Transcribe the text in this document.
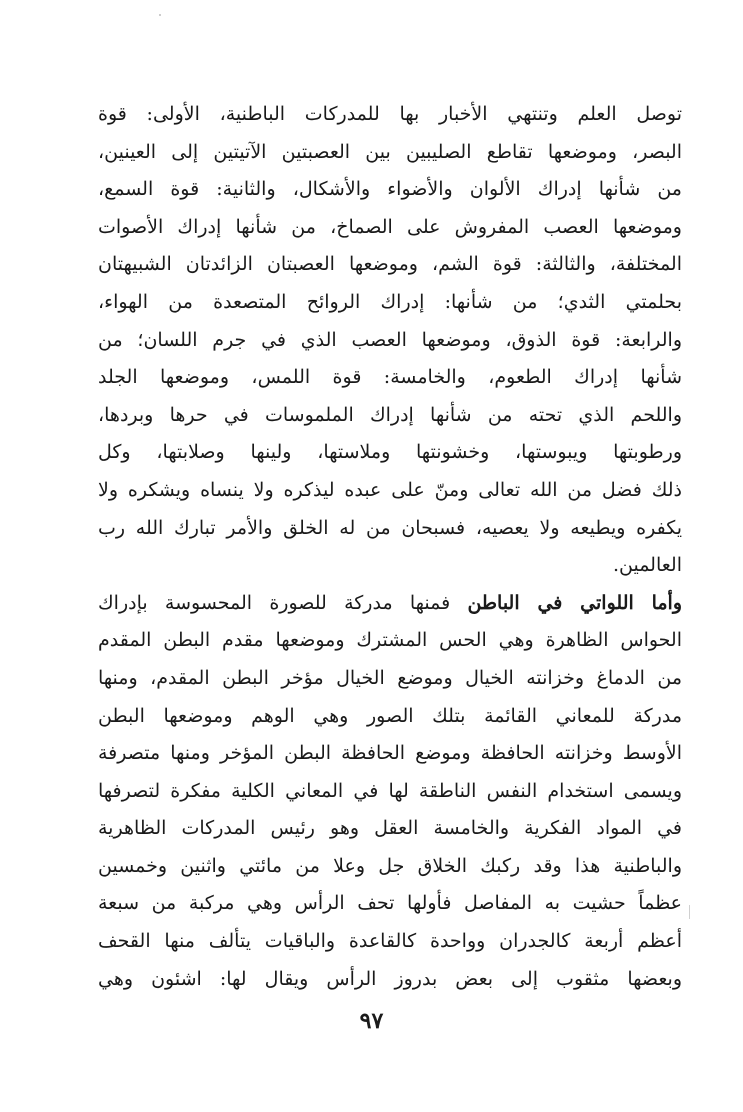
توصل العلم وتنتهي الأخبار بها للمدركات الباطنية، الأولى: قوة
البصر، وموضعها تقاطع الصليبين بين العصبتين الآتيتين إلى العينين،
من شأنها إدراك الألوان والأضواء والأشكال، والثانية: قوة السمع،
وموضعها العصب المفروش على الصماخ، من شأنها إدراك الأصوات
المختلفة، والثالثة: قوة الشم، وموضعها العصبتان الزائدتان الشبيهتان
بحلمتي الثدي؛ من شأنها: إدراك الروائح المتصعدة من الهواء،
والرابعة: قوة الذوق، وموضعها العصب الذي في جرم اللسان؛ من
شأنها إدراك الطعوم، والخامسة: قوة اللمس، وموضعها الجلد
واللحم الذي تحته من شأنها إدراك الملموسات في حرها وبردها،
ورطوبتها ويبوستها، وخشونتها وملاستها، ولينها وصلابتها، وكل
ذلك فضل من الله تعالى ومنّ على عبده ليذكره ولا ينساه ويشكره ولا
يكفره ويطيعه ولا يعصيه، فسبحان من له الخلق والأمر تبارك الله رب
العالمين.
وأما اللواتي في الباطن فمنها مدركة للصورة المحسوسة بإدراك
الحواس الظاهرة وهي الحس المشترك وموضعها مقدم البطن المقدم
من الدماغ وخزانته الخيال وموضع الخيال مؤخر البطن المقدم، ومنها
مدركة للمعاني القائمة بتلك الصور وهي الوهم وموضعها البطن
الأوسط وخزانته الحافظة وموضع الحافظة البطن المؤخر ومنها متصرفة
ويسمى استخدام النفس الناطقة لها في المعاني الكلية مفكرة لتصرفها
في المواد الفكرية والخامسة العقل وهو رئيس المدركات الظاهرية
والباطنية هذا وقد ركبك الخلاق جل وعلا من مائتي واثنين وخمسين
عظماً حشيت به المفاصل فأولها تحف الرأس وهي مركبة من سبعة
أعظم أربعة كالجدران وواحدة كالقاعدة والباقيات يتألف منها القحف
وبعضها مثقوب إلى بعض بدروز الرأس ويقال لها: اشئون وهي
٩٧
